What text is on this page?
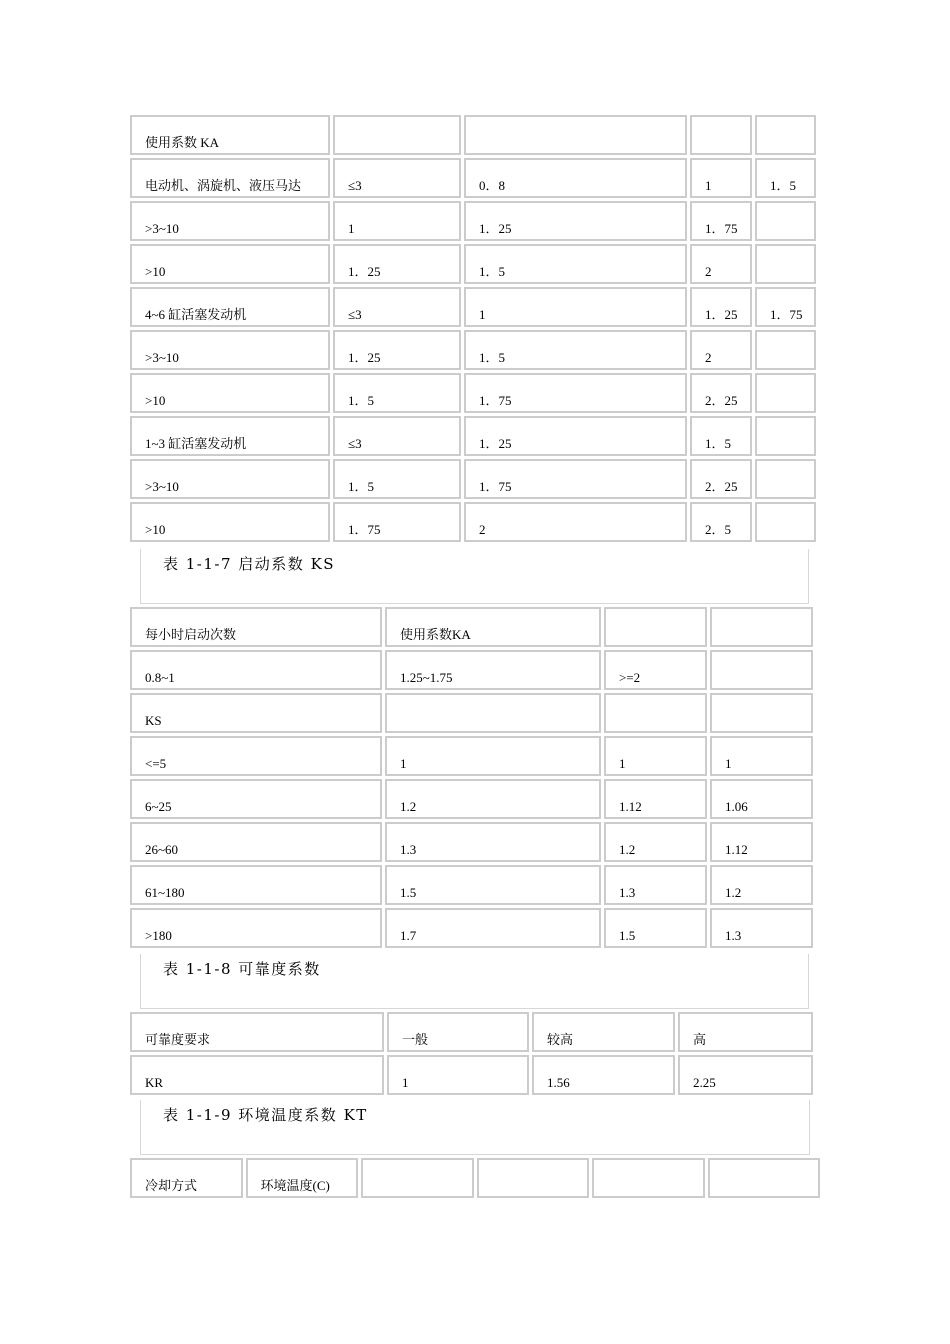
使用系数 KA				
电动机、涡旋机、液压马达	≤3	0．8	1	1．5
>3~10	1	1．25	1．75	
>10	1．25	1．5	2	
4~6 缸活塞发动机	≤3	1	1．25	1．75
>3~10	1．25	1．5	2	
>10	1．5	1．75	2．25	
1~3 缸活塞发动机	≤3	1．25	1．5	
>3~10	1．5	1．75	2．25	
>10	1．75	2	2．5	
表 1-1-7 启动系数 KS
每小时启动次数	使用系数KA		
0.8~1	1.25~1.75	>=2	
KS			
<=5	1	1	1
6~25	1.2	1.12	1.06
26~60	1.3	1.2	1.12
61~180	1.5	1.3	1.2
>180	1.7	1.5	1.3
表 1-1-8 可靠度系数
可靠度要求	一般	较高	高
KR	1	1.56	2.25
表 1-1-9 环境温度系数 KT
冷却方式	环境温度(C)				
